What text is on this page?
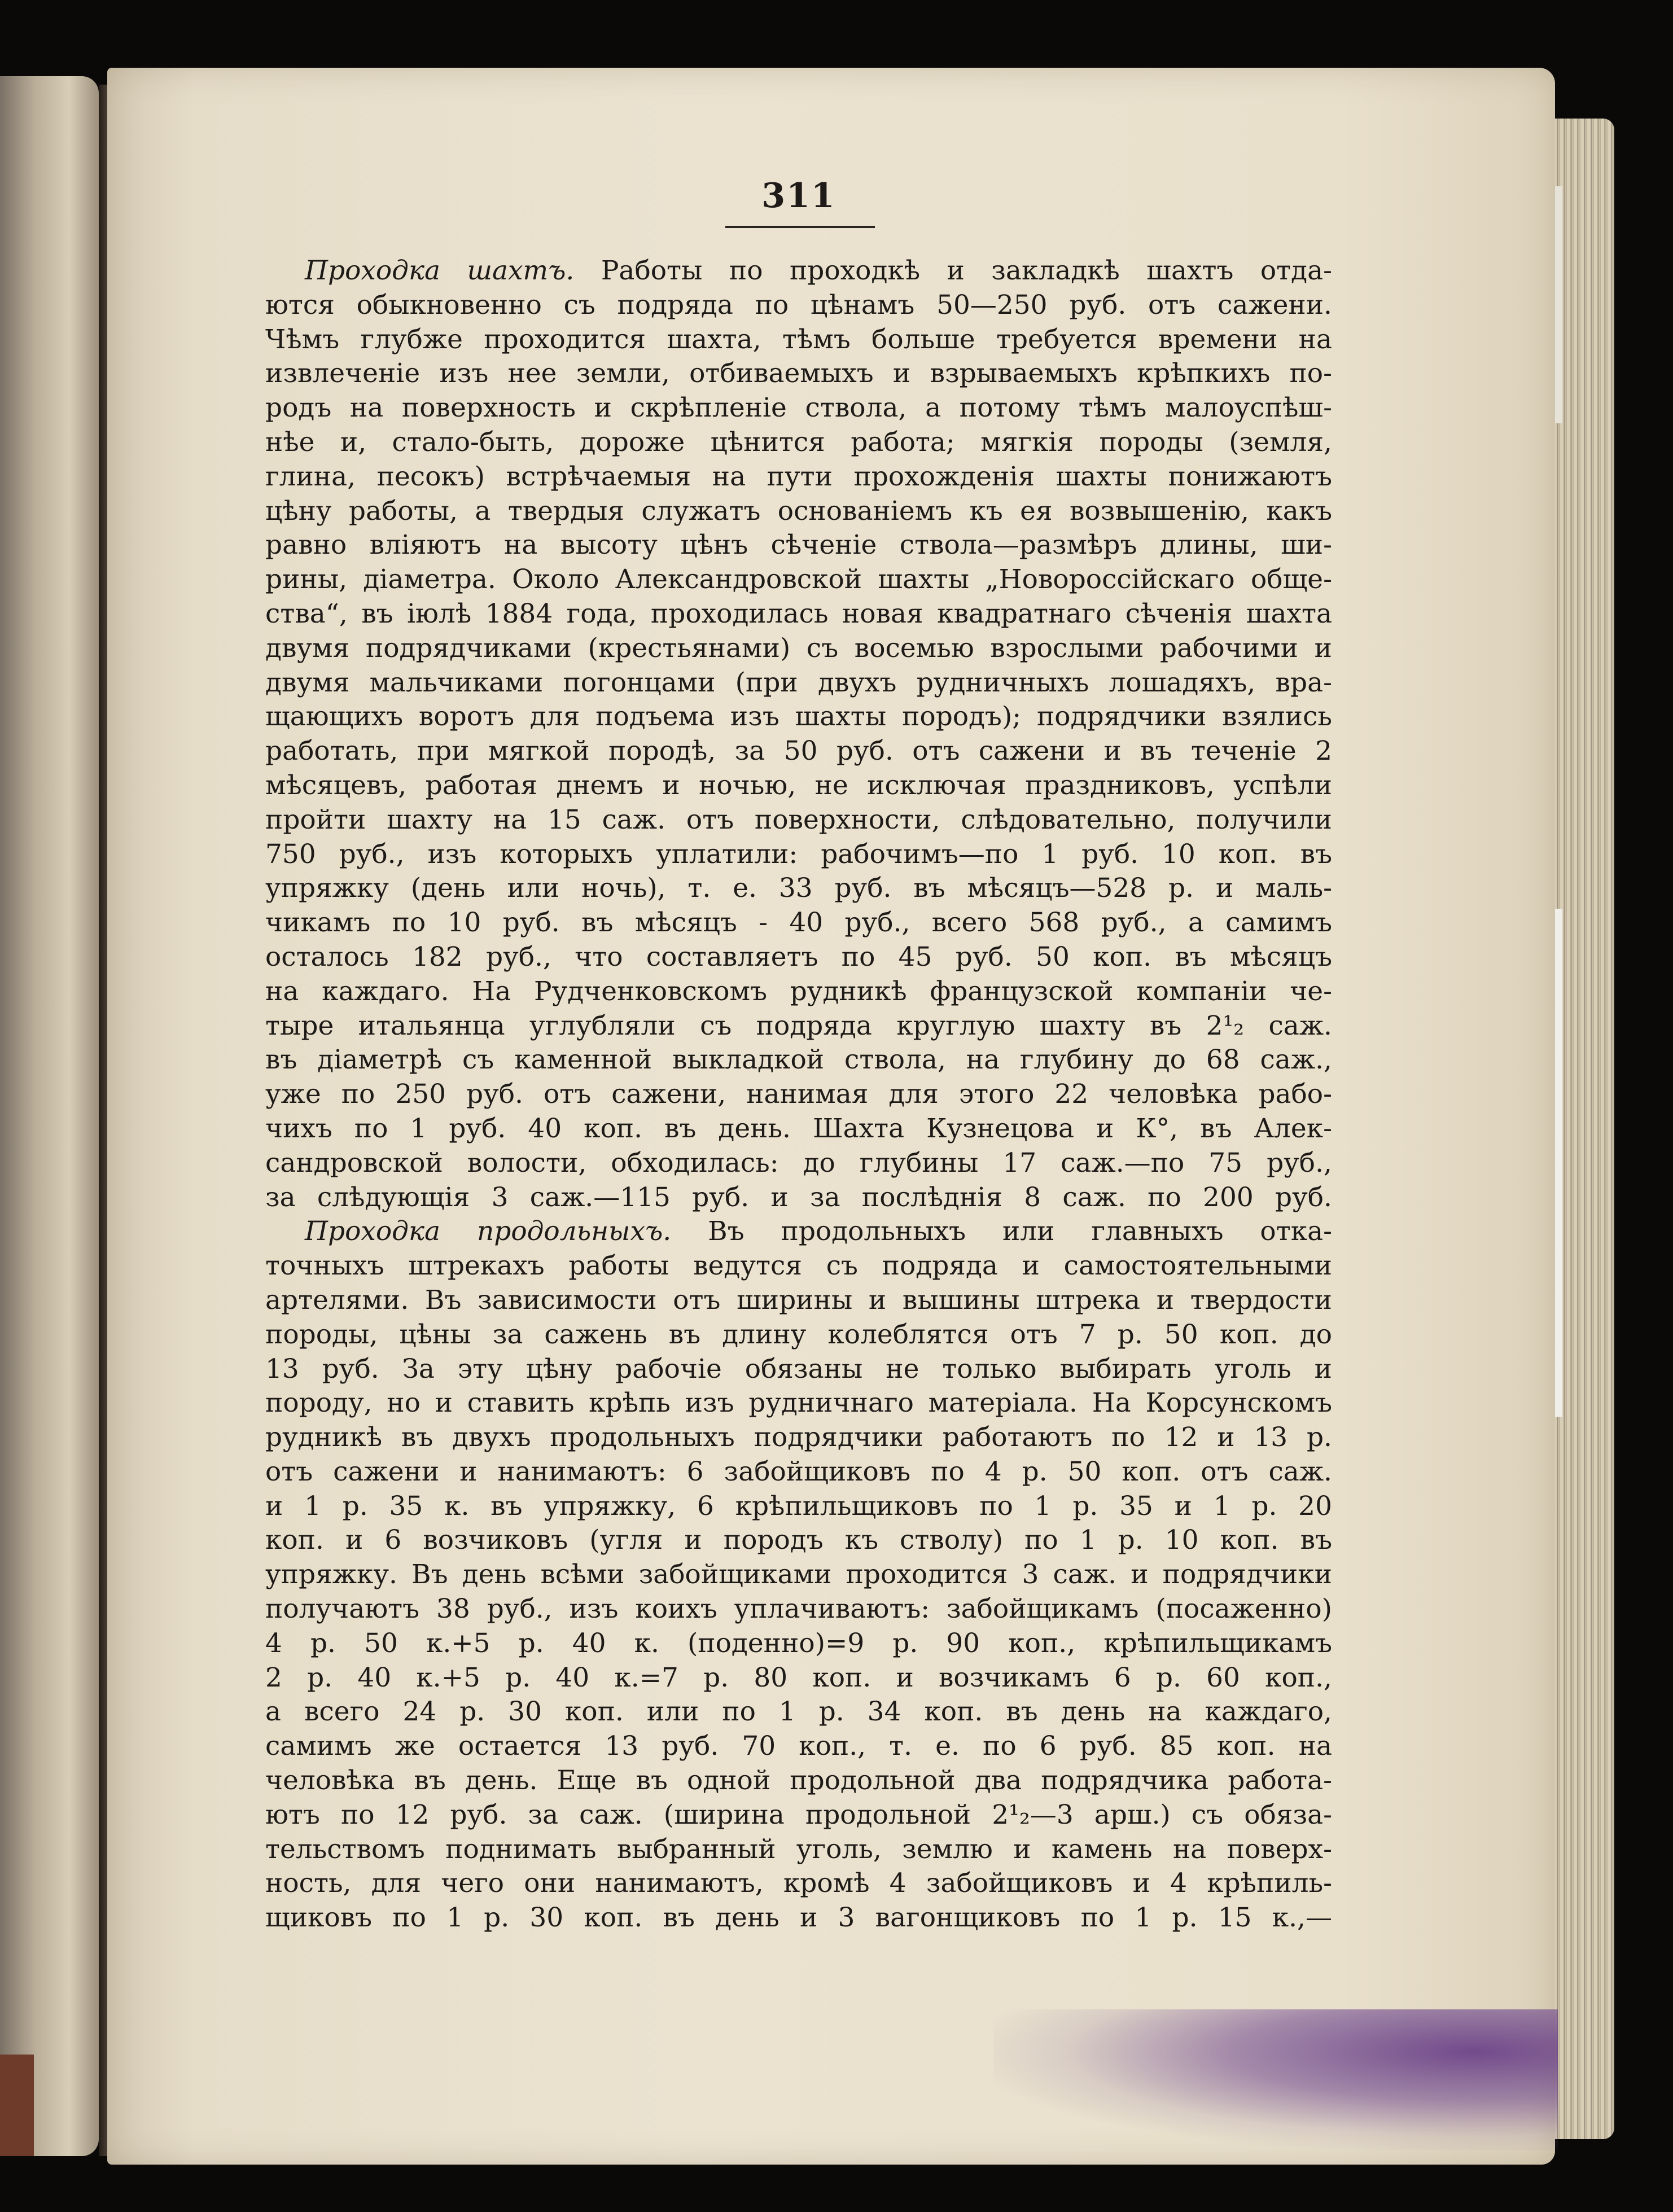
311
Проходка шахтъ. Работы по проходкѣ и закладкѣ шахтъ отда-
ются обыкновенно съ подряда по цѣнамъ 50—250 руб. отъ сажени.
Чѣмъ глубже проходится шахта, тѣмъ больше требуется времени на
извлеченіе изъ нее земли, отбиваемыхъ и взрываемыхъ крѣпкихъ по-
родъ на поверхность и скрѣпленіе ствола, а потому тѣмъ малоуспѣш-
нѣе и, стало-быть, дороже цѣнится работа; мягкія породы (земля,
глина, песокъ) встрѣчаемыя на пути прохожденія шахты понижаютъ
цѣну работы, а твердыя служатъ основаніемъ къ ея возвышенію, какъ
равно вліяютъ на высоту цѣнъ сѣченіе ствола—размѣръ длины, ши-
рины, діаметра. Около Александровской шахты „Новороссійскаго обще-
ства“, въ іюлѣ 1884 года, проходилась новая квадратнаго сѣченія шахта
двумя подрядчиками (крестьянами) съ восемью взрослыми рабочими и
двумя мальчиками погонцами (при двухъ рудничныхъ лошадяхъ, вра-
щающихъ воротъ для подъема изъ шахты породъ); подрядчики взялись
работать, при мягкой породѣ, за 50 руб. отъ сажени и въ теченіе 2
мѣсяцевъ, работая днемъ и ночью, не исключая праздниковъ, успѣли
пройти шахту на 15 саж. отъ поверхности, слѣдовательно, получили
750 руб., изъ которыхъ уплатили: рабочимъ—по 1 руб. 10 коп. въ
упряжку (день или ночь), т. е. 33 руб. въ мѣсяцъ—528 р. и маль-
чикамъ по 10 руб. въ мѣсяцъ - 40 руб., всего 568 руб., а самимъ
осталось 182 руб., что составляетъ по 45 руб. 50 коп. въ мѣсяцъ
на каждаго. На Рудченковскомъ рудникѣ французской компаніи че-
тыре итальянца углубляли съ подряда круглую шахту въ 2¹₂ саж.
въ діаметрѣ съ каменной выкладкой ствола, на глубину до 68 саж.,
уже по 250 руб. отъ сажени, нанимая для этого 22 человѣка рабо-
чихъ по 1 руб. 40 коп. въ день. Шахта Кузнецова и К°, въ Алек-
сандровской волости, обходилась: до глубины 17 саж.—по 75 руб.,
за слѣдующія 3 саж.—115 руб. и за послѣднія 8 саж. по 200 руб.
Проходка продольныхъ. Въ продольныхъ или главныхъ отка-
точныхъ штрекахъ работы ведутся съ подряда и самостоятельными
артелями. Въ зависимости отъ ширины и вышины штрека и твердости
породы, цѣны за сажень въ длину колеблятся отъ 7 р. 50 коп. до
13 руб. За эту цѣну рабочіе обязаны не только выбирать уголь и
породу, но и ставить крѣпь изъ рудничнаго матеріала. На Корсунскомъ
рудникѣ въ двухъ продольныхъ подрядчики работаютъ по 12 и 13 р.
отъ сажени и нанимаютъ: 6 забойщиковъ по 4 р. 50 коп. отъ саж.
и 1 р. 35 к. въ упряжку, 6 крѣпильщиковъ по 1 р. 35 и 1 р. 20
коп. и 6 возчиковъ (угля и породъ къ стволу) по 1 р. 10 коп. въ
упряжку. Въ день всѣми забойщиками проходится 3 саж. и подрядчики
получаютъ 38 руб., изъ коихъ уплачиваютъ: забойщикамъ (посаженно)
4 р. 50 к.+5 р. 40 к. (поденно)=9 р. 90 коп., крѣпильщикамъ
2 р. 40 к.+5 р. 40 к.=7 р. 80 коп. и возчикамъ 6 р. 60 коп.,
а всего 24 р. 30 коп. или по 1 р. 34 коп. въ день на каждаго,
самимъ же остается 13 руб. 70 коп., т. е. по 6 руб. 85 коп. на
человѣка въ день. Еще въ одной продольной два подрядчика работа-
ютъ по 12 руб. за саж. (ширина продольной 2¹₂—3 арш.) съ обяза-
тельствомъ поднимать выбранный уголь, землю и камень на поверх-
ность, для чего они нанимаютъ, кромѣ 4 забойщиковъ и 4 крѣпиль-
щиковъ по 1 р. 30 коп. въ день и 3 вагонщиковъ по 1 р. 15 к.,—
